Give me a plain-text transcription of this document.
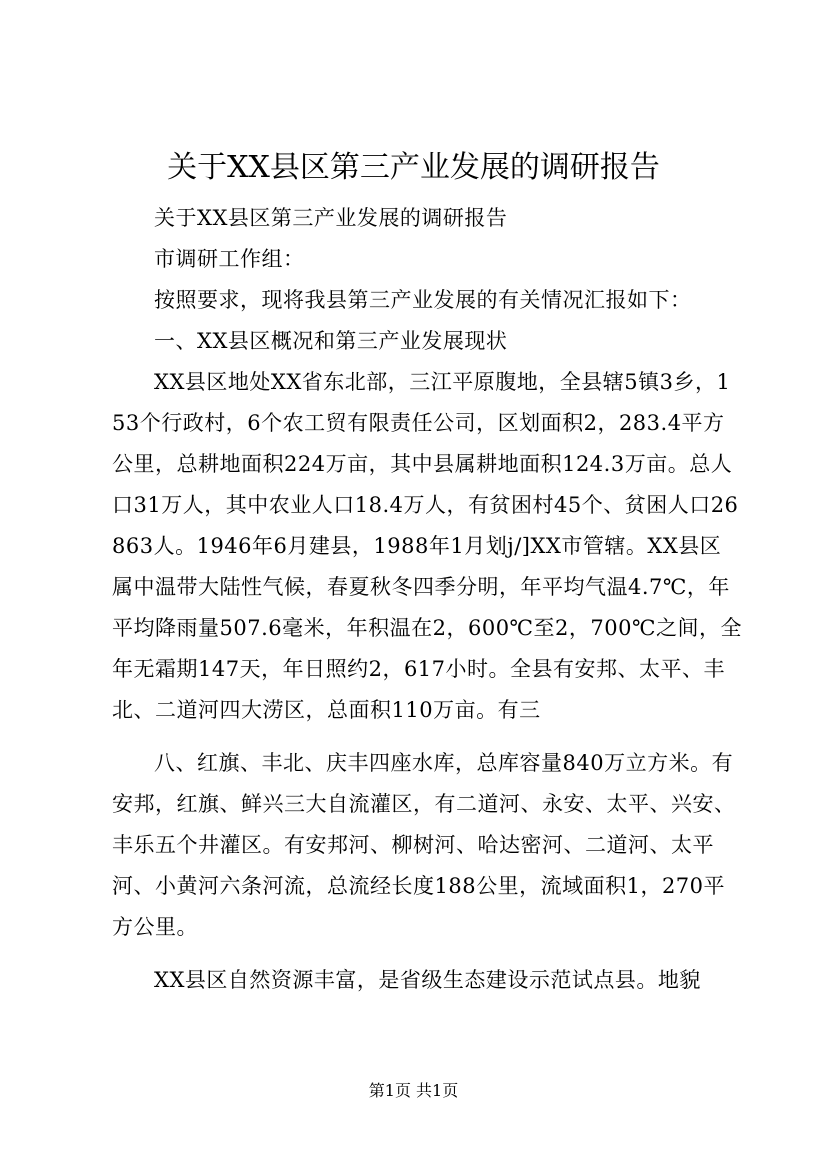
关于XX县区第三产业发展的调研报告

关于XX县区第三产业发展的调研报告

市调研工作组：

按照要求，现将我县第三产业发展的有关情况汇报如下：

一、XX县区概况和第三产业发展现状

XX县区地处XX省东北部，三江平原腹地，全县辖5镇3乡，153个行政村，6个农工贸有限责任公司，区划面积2，283.4平方公里，总耕地面积224万亩，其中县属耕地面积124.3万亩。总人口31万人，其中农业人口18.4万人，有贫困村45个、贫困人口26863人。1946年6月建县，1988年1月划j/]XX市管辖。XX县区属中温带大陆性气候，春夏秋冬四季分明，年平均气温4.7℃，年平均降雨量507.6毫米，年积温在2，600℃至2，700℃之间，全年无霜期147天，年日照约2，617小时。全县有安邦、太平、丰北、二道河四大涝区，总面积110万亩。有三

八、红旗、丰北、庆丰四座水库，总库容量840万立方米。有安邦，红旗、鲜兴三大自流灌区，有二道河、永安、太平、兴安、丰乐五个井灌区。有安邦河、柳树河、哈达密河、二道河、太平河、小黄河六条河流，总流经长度188公里，流域面积1，270平方公里。

XX县区自然资源丰富，是省级生态建设示范试点县。地貌

第1页 共1页
